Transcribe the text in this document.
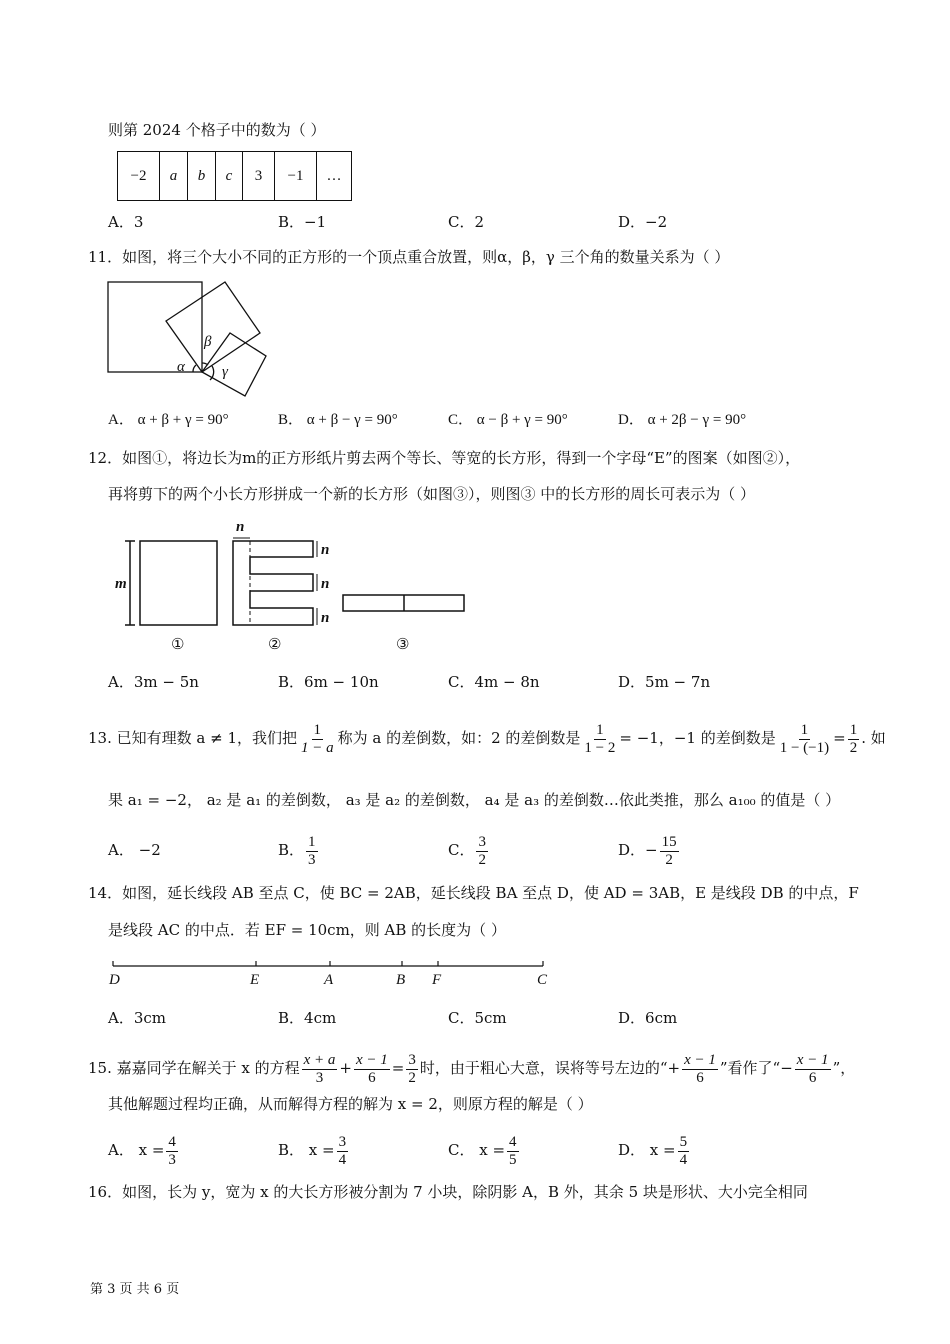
则第 2024 个格子中的数为（ ）
−2	a	b	c	3	−1	…
A．3	B．−1	C．2	D．−2
11．如图，将三个大小不同的正方形的一个顶点重合放置，则α，β，γ 三个角的数量关系为（ ）
α
β
γ
A． α + β + γ = 90°	B． α + β − γ = 90°	C． α − β + γ = 90°	D． α + 2β − γ = 90°
12．如图①，将边长为m的正方形纸片剪去两个等长、等宽的长方形，得到一个字母“E”的图案（如图②），
再将剪下的两个小长方形拼成一个新的长方形（如图③），则图③ 中的长方形的周长可表示为（ ）
m
n
n
n
n
①	②	③
A．3m − 5n	B．6m − 10n	C．4m − 8n	D．5m − 7n
13. 已知有理数 a ≠ 1，我们把 $\frac{1}{1 - a}$ 称为 a 的差倒数，如：2 的差倒数是 $\frac{1}{1 - 2} = -1$，−1 的差倒数是 $\frac{1}{1 - (-1)} = \frac{1}{2}$ . 如
果 a₁ = −2， a₂ 是 a₁ 的差倒数， a₃ 是 a₂ 的差倒数， a₄ 是 a₃ 的差倒数…依此类推，那么 a₁₀₀ 的值是（ ）
A． −2	B． $\frac{1}{3}$	C． $\frac{3}{2}$	D．− $\frac{15}{2}$
14．如图，延长线段 AB 至点 C，使 BC = 2AB，延长线段 BA 至点 D，使 AD = 3AB，E 是线段 DB 的中点，F
是线段 AC 的中点．若 EF = 10cm，则 AB 的长度为（ ）
D	E	A	B F	C
A．3cm	B．4cm	C．5cm	D．6cm
15. 嘉嘉同学在解关于 x 的方程 $\frac{x + a}{3} + \frac{x - 1}{6} = \frac{3}{2}$ 时，由于粗心大意，误将等号左边的“+ $\frac{x - 1}{6}$ ”看作了“− $\frac{x - 1}{6}$ ”，
其他解题过程均正确，从而解得方程的解为 x = 2，则原方程的解是（ ）
A． $x = \frac{4}{3}$	B． $x = \frac{3}{4}$	C． $x = \frac{4}{5}$	D． $x = \frac{5}{4}$
16．如图，长为 y，宽为 x 的大长方形被分割为 7 小块，除阴影 A，B 外，其余 5 块是形状、大小完全相同
第 3 页 共 6 页
